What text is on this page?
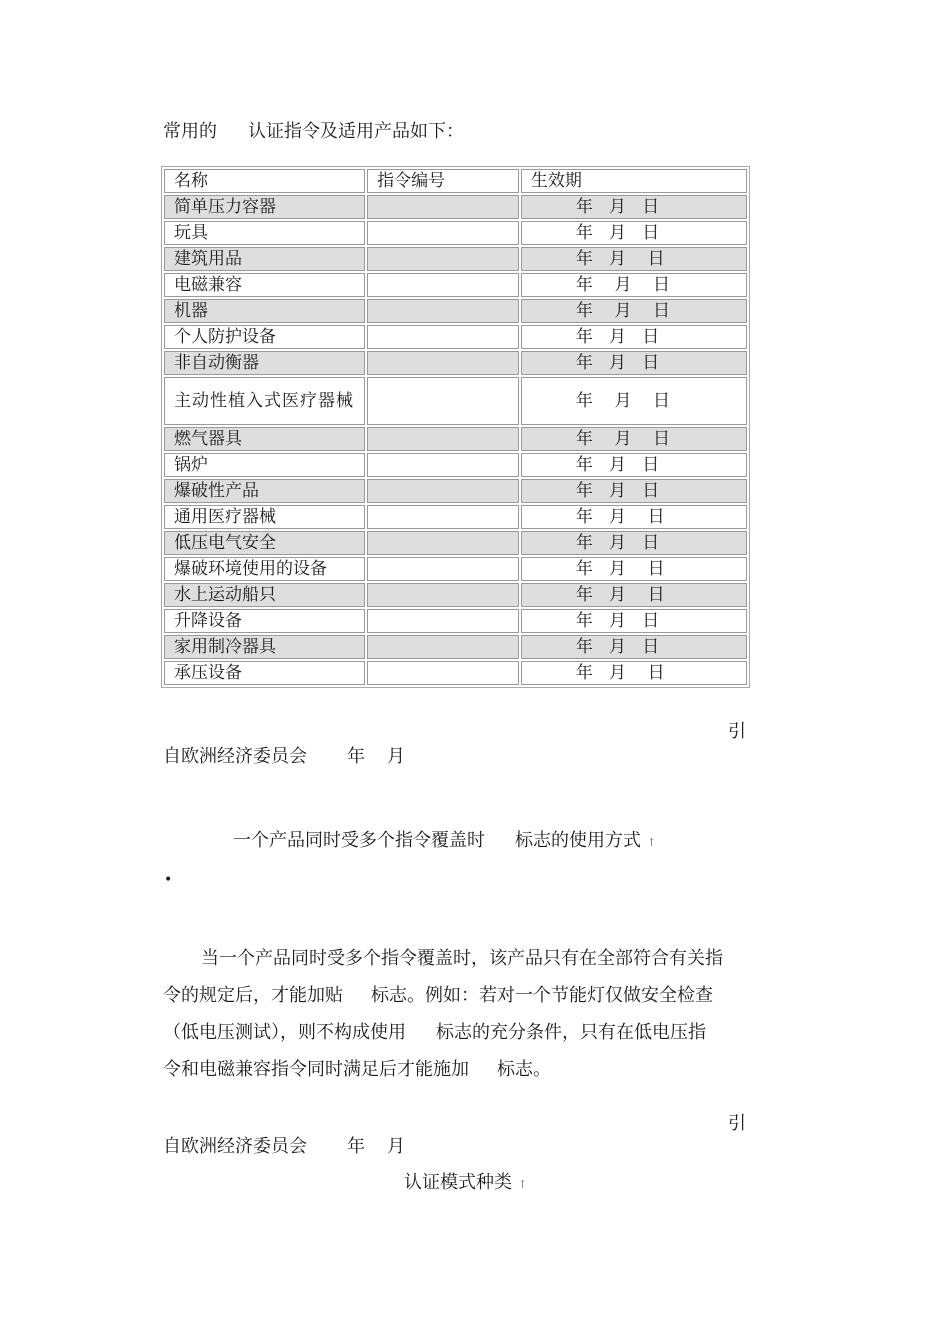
常用的 认证指令及适用产品如下：
名称	指令编号	生效期
简单压力容器		年   月   日

玩具		年   月   日

建筑用品		年   月    日

电磁兼容		年    月    日

机器		年    月    日

个人防护设备		年   月   日

非自动衡器		年   月   日

主动性植入式医疗器械		年    月    日

燃气器具		年    月    日

锅炉		年   月   日

爆破性产品		年   月   日

通用医疗器械		年   月    日

低压电气安全		年   月   日

爆破环境使用的设备		年   月    日

水上运动船只		年   月    日

升降设备		年   月   日

家用制冷器具		年   月   日

承压设备		年   月    日
引
自欧洲经济委员会 年 月
一个产品同时受多个指令覆盖时 标志的使用方式 ↑
•

当一个产品同时受多个指令覆盖时，该产品只有在全部符合有关指

令的规定后，才能加贴 标志。例如：若对一个节能灯仅做安全检查

（低电压测试），则不构成使用 标志的充分条件，只有在低电压指

令和电磁兼容指令同时满足后才能施加 标志。

引
自欧洲经济委员会 年 月
认证模式种类 ↑
